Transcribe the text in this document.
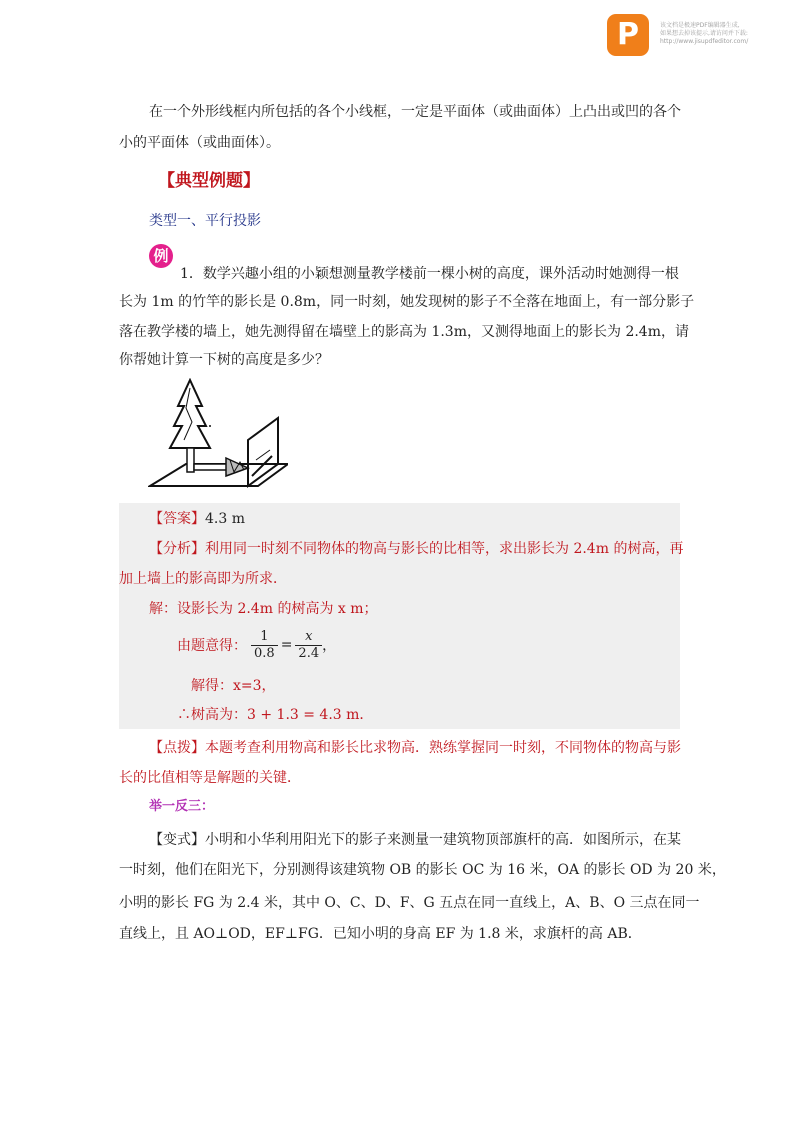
P	该文档是极速PDF编辑器生成,
如果想去掉该提示,请访问并下载:
http://www.jisupdfeditor.com/
在一个外形线框内所包括的各个小线框，一定是平面体（或曲面体）上凸出或凹的各个
小的平面体（或曲面体）。
【典型例题】
类型一、平行投影
例
1．数学兴趣小组的小颖想测量教学楼前一棵小树的高度，课外活动时她测得一根
长为 1m 的竹竿的影长是 0.8m，同一时刻，她发现树的影子不全落在地面上，有一部分影子
落在教学楼的墙上，她先测得留在墙壁上的影高为 1.3m，又测得地面上的影长为 2.4m，请
你帮她计算一下树的高度是多少？
【答案】4.3 m
【分析】利用同一时刻不同物体的物高与影长的比相等，求出影长为 2.4m 的树高，再
加上墙上的影高即为所求．
解：设影长为 2.4m 的树高为 x m；
由题意得： $\frac{1}{0.8} = \frac{x}{2.4}$ ，
解得：x=3，
∴树高为：3 + 1.3 = 4.3 m．
【点拨】本题考查利用物高和影长比求物高．熟练掌握同一时刻，不同物体的物高与影
长的比值相等是解题的关键．
举一反三：
【变式】小明和小华利用阳光下的影子来测量一建筑物顶部旗杆的高．如图所示，在某
一时刻，他们在阳光下，分别测得该建筑物 OB 的影长 OC 为 16 米，OA 的影长 OD 为 20 米，
小明的影长 FG 为 2.4 米，其中 O、C、D、F、G 五点在同一直线上，A、B、O 三点在同一
直线上，且 AO⊥OD，EF⊥FG．已知小明的身高 EF 为 1.8 米，求旗杆的高 AB．
